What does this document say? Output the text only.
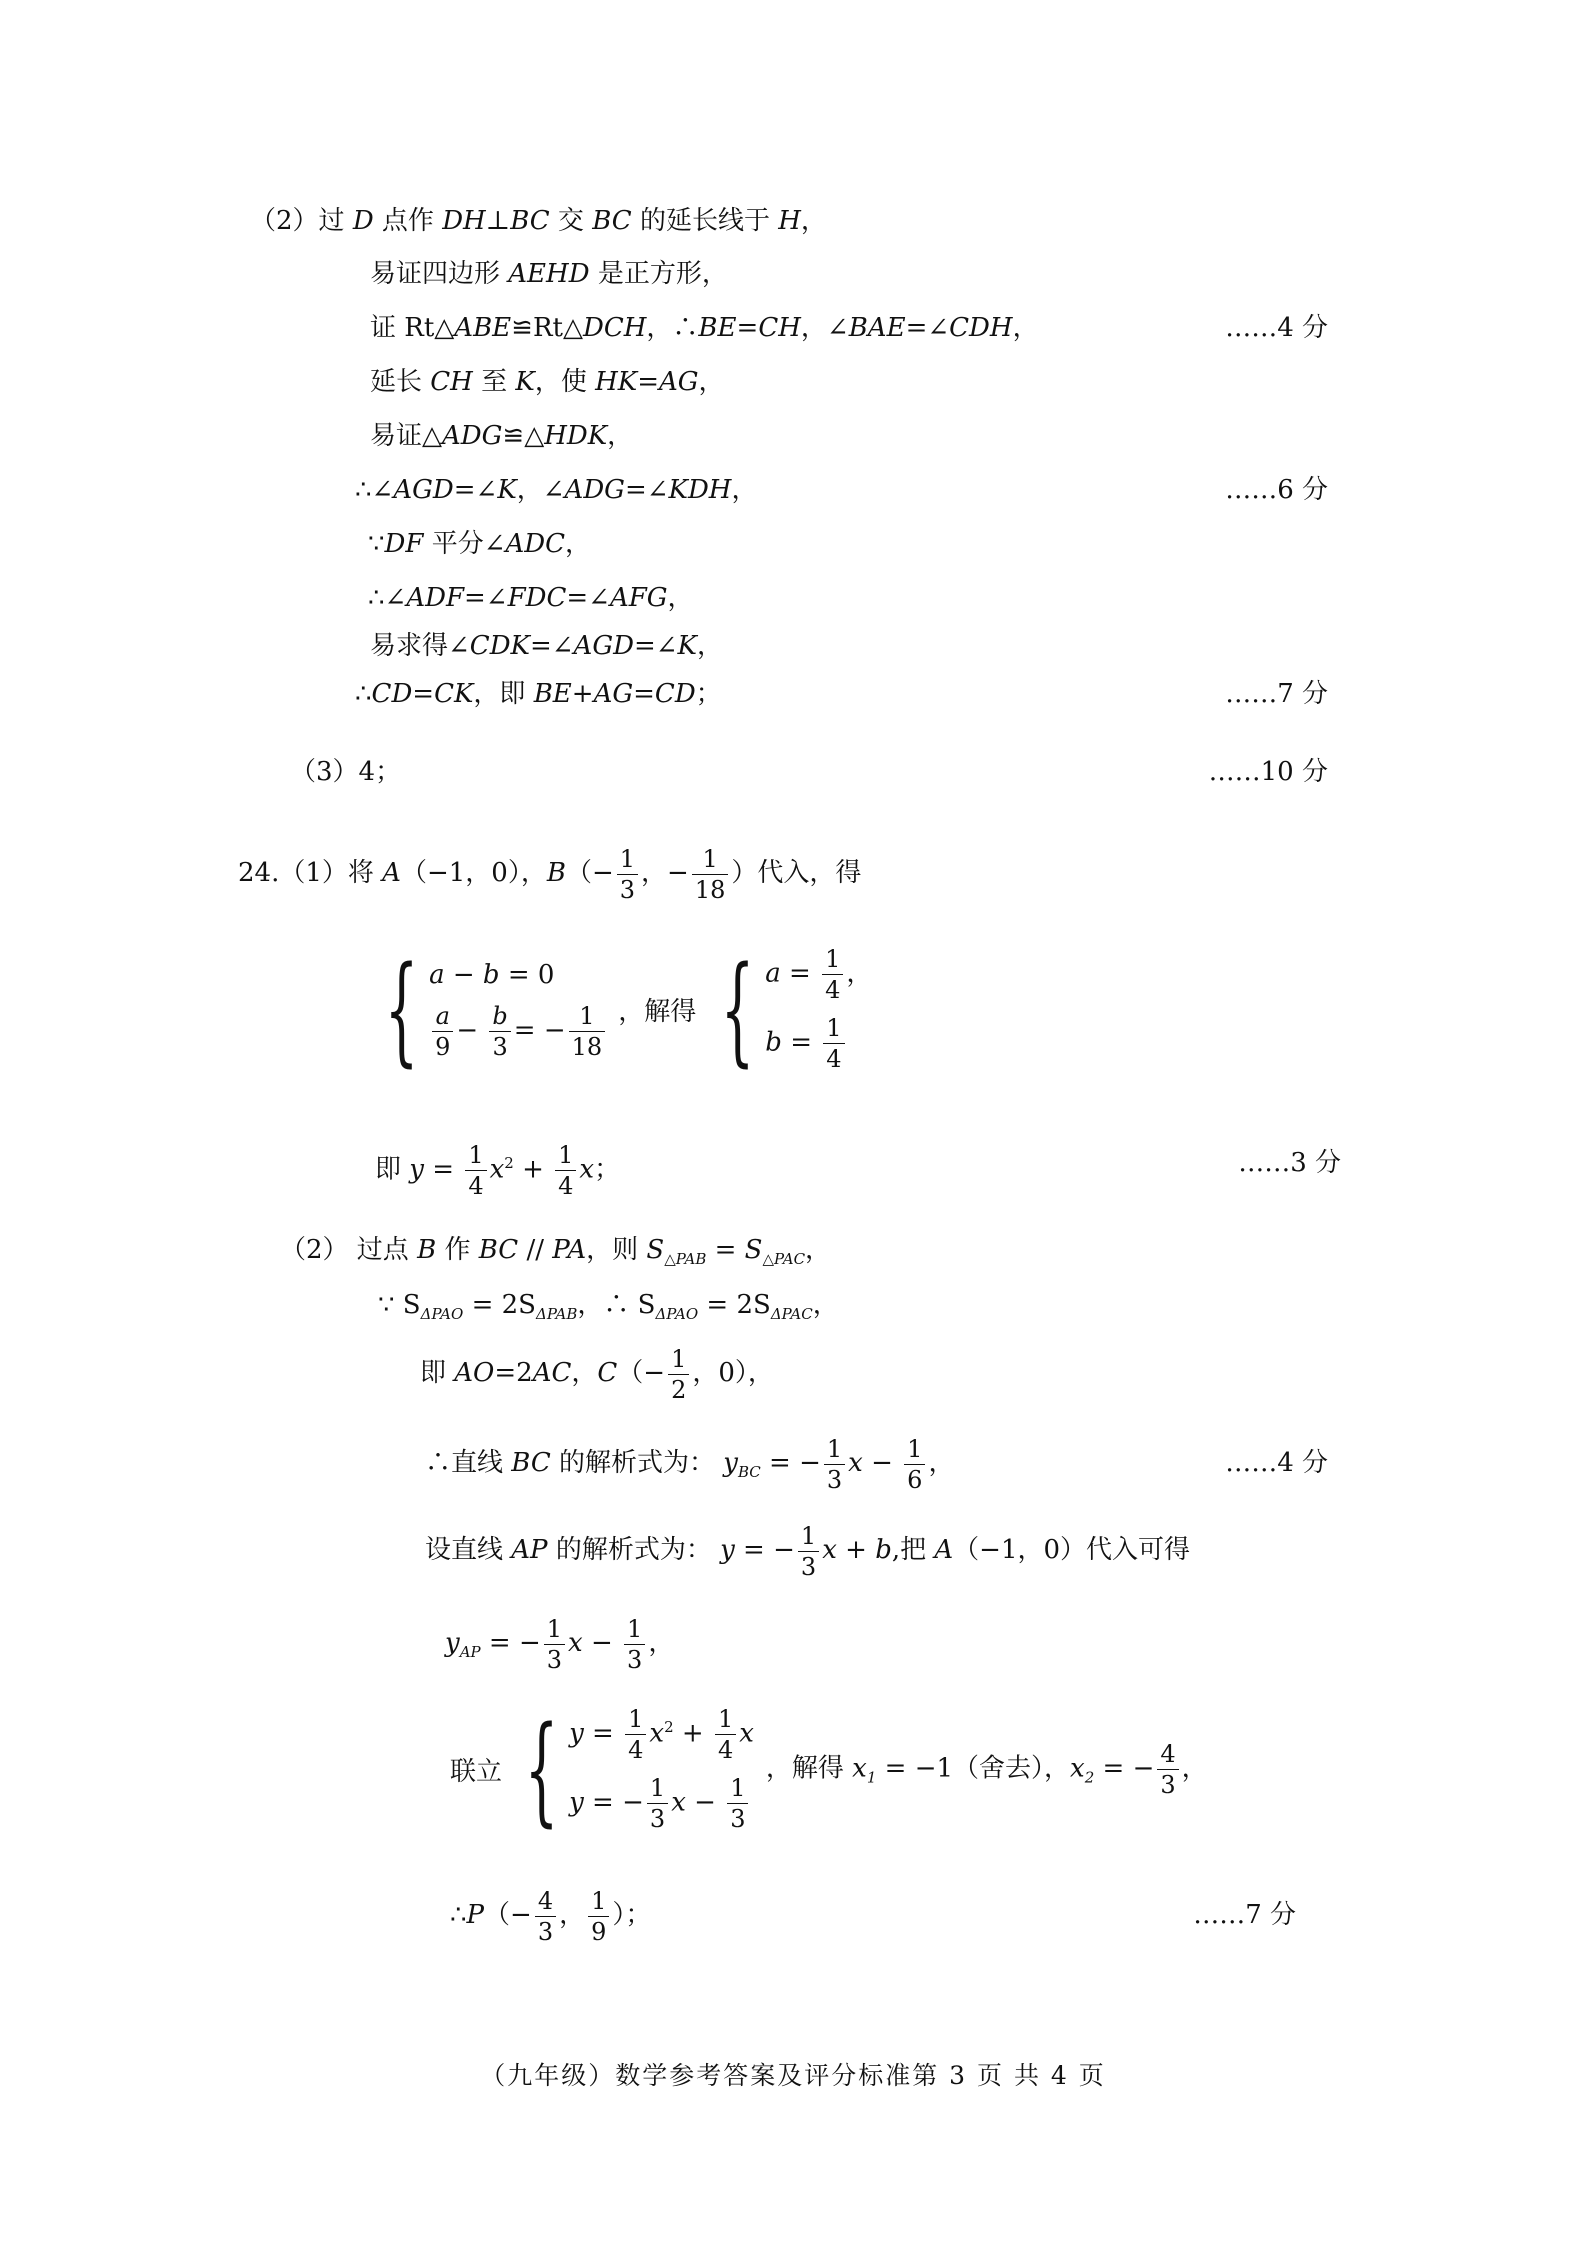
（2）过 D 点作 DH⊥BC 交 BC 的延长线于 H，
易证四边形 AEHD 是正方形，
证 Rt△ABE≌Rt△DCH，∴BE=CH，∠BAE=∠CDH，	……4 分
延长 CH 至 K，使 HK=AG，
易证△ADG≌△HDK，
∴∠AGD=∠K，∠ADG=∠KDH，	……6 分
∵DF 平分∠ADC，
∴∠ADF=∠FDC=∠AFG，
易求得∠CDK=∠AGD=∠K，
∴CD=CK，即 BE+AG=CD；	……7 分
（3）4；	……10 分
24.（1）将 A（−1，0），$B(- \frac{1}{3}$ ，− $\frac{1}{18}$ ）代入，得
{ a − b = 0
$\frac{a}{9} - \frac{b}{3}$ = − $\frac{1}{18}$ ，解得 { $a = \frac{1}{4}$ ，
$b = \frac{1}{4}$
即 $y = \frac{1}{4} x^2 + \frac{1}{4}$ x；	……3 分
（2） 过点 B 作 BC // PA，则 $S_{\triangle PAB} = S_{\triangle PAC}$，
∵ $S_{\Delta PAO} = 2S_{\Delta PAB}$，∴ $S_{\Delta PAO} = 2S_{\Delta PAC}$，
即 AO=2AC，$C(- \frac{1}{2}$ ，0），
∴直线 BC 的解析式为： $y_{BC}$ = − $\frac{1}{3}$ $x - \frac{1}{6}$ ，	……4 分
设直线 AP 的解析式为： y = − $\frac{1}{3}$ x + b,把 A（−1，0）代入可得
$y_{AP}$ = − $\frac{1}{3}$ $x - \frac{1}{3}$ ，
联立 { $y = \frac{1}{4} x^2 + \frac{1}{4}$ x
y = − $\frac{1}{3}$ $x - \frac{1}{3}$
，解得 $x_1 = -1$（舍去），$x_2$ = − $\frac{4}{3}$ ，
∴P（− $\frac{4}{3}$ ， $\frac{1}{9}$ ）；	……7 分
（九年级）数学参考答案及评分标准第 3 页 共 4 页
